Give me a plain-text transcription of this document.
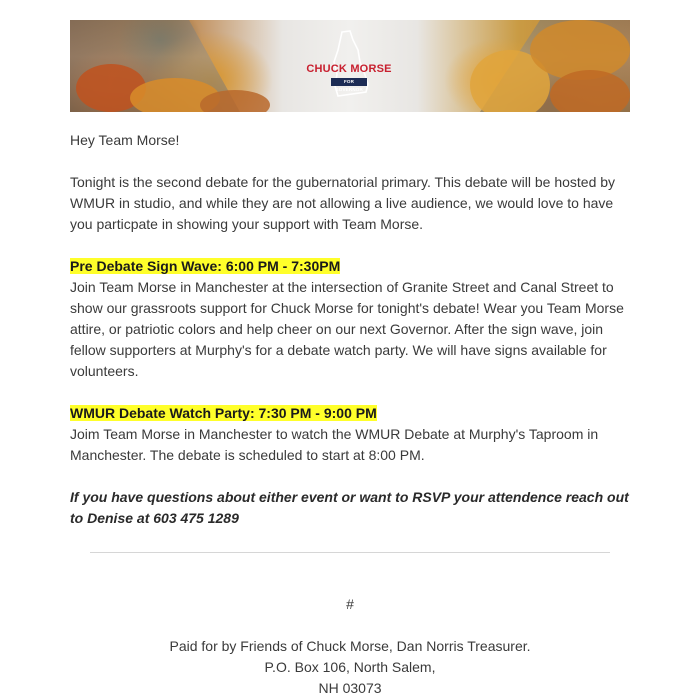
CHUCK MORSE
FOR GOVERNOR

Hey Team Morse!

Tonight is the second debate for the gubernatorial primary. This debate will be hosted by WMUR in studio, and while they are not allowing a live audience, we would love to have you particpate in showing your support with Team Morse.

Pre Debate Sign Wave: 6:00 PM - 7:30PM

Join Team Morse in Manchester at the intersection of Granite Street and Canal Street to show our grassroots support for Chuck Morse for tonight's debate! Wear you Team Morse attire, or patriotic colors and help cheer on our next Governor. After the sign wave, join fellow supporters at Murphy's for a debate watch party. We will have signs available for volunteers.

WMUR Debate Watch Party: 7:30 PM - 9:00 PM

Joim Team Morse in Manchester to watch the WMUR Debate at Murphy's Taproom in Manchester. The debate is scheduled to start at 8:00 PM.

If you have questions about either event or want to RSVP your attendence reach out to Denise at 603 475 1289

#
Paid for by Friends of Chuck Morse, Dan Norris Treasurer.
P.O. Box 106, North Salem,
NH 03073
